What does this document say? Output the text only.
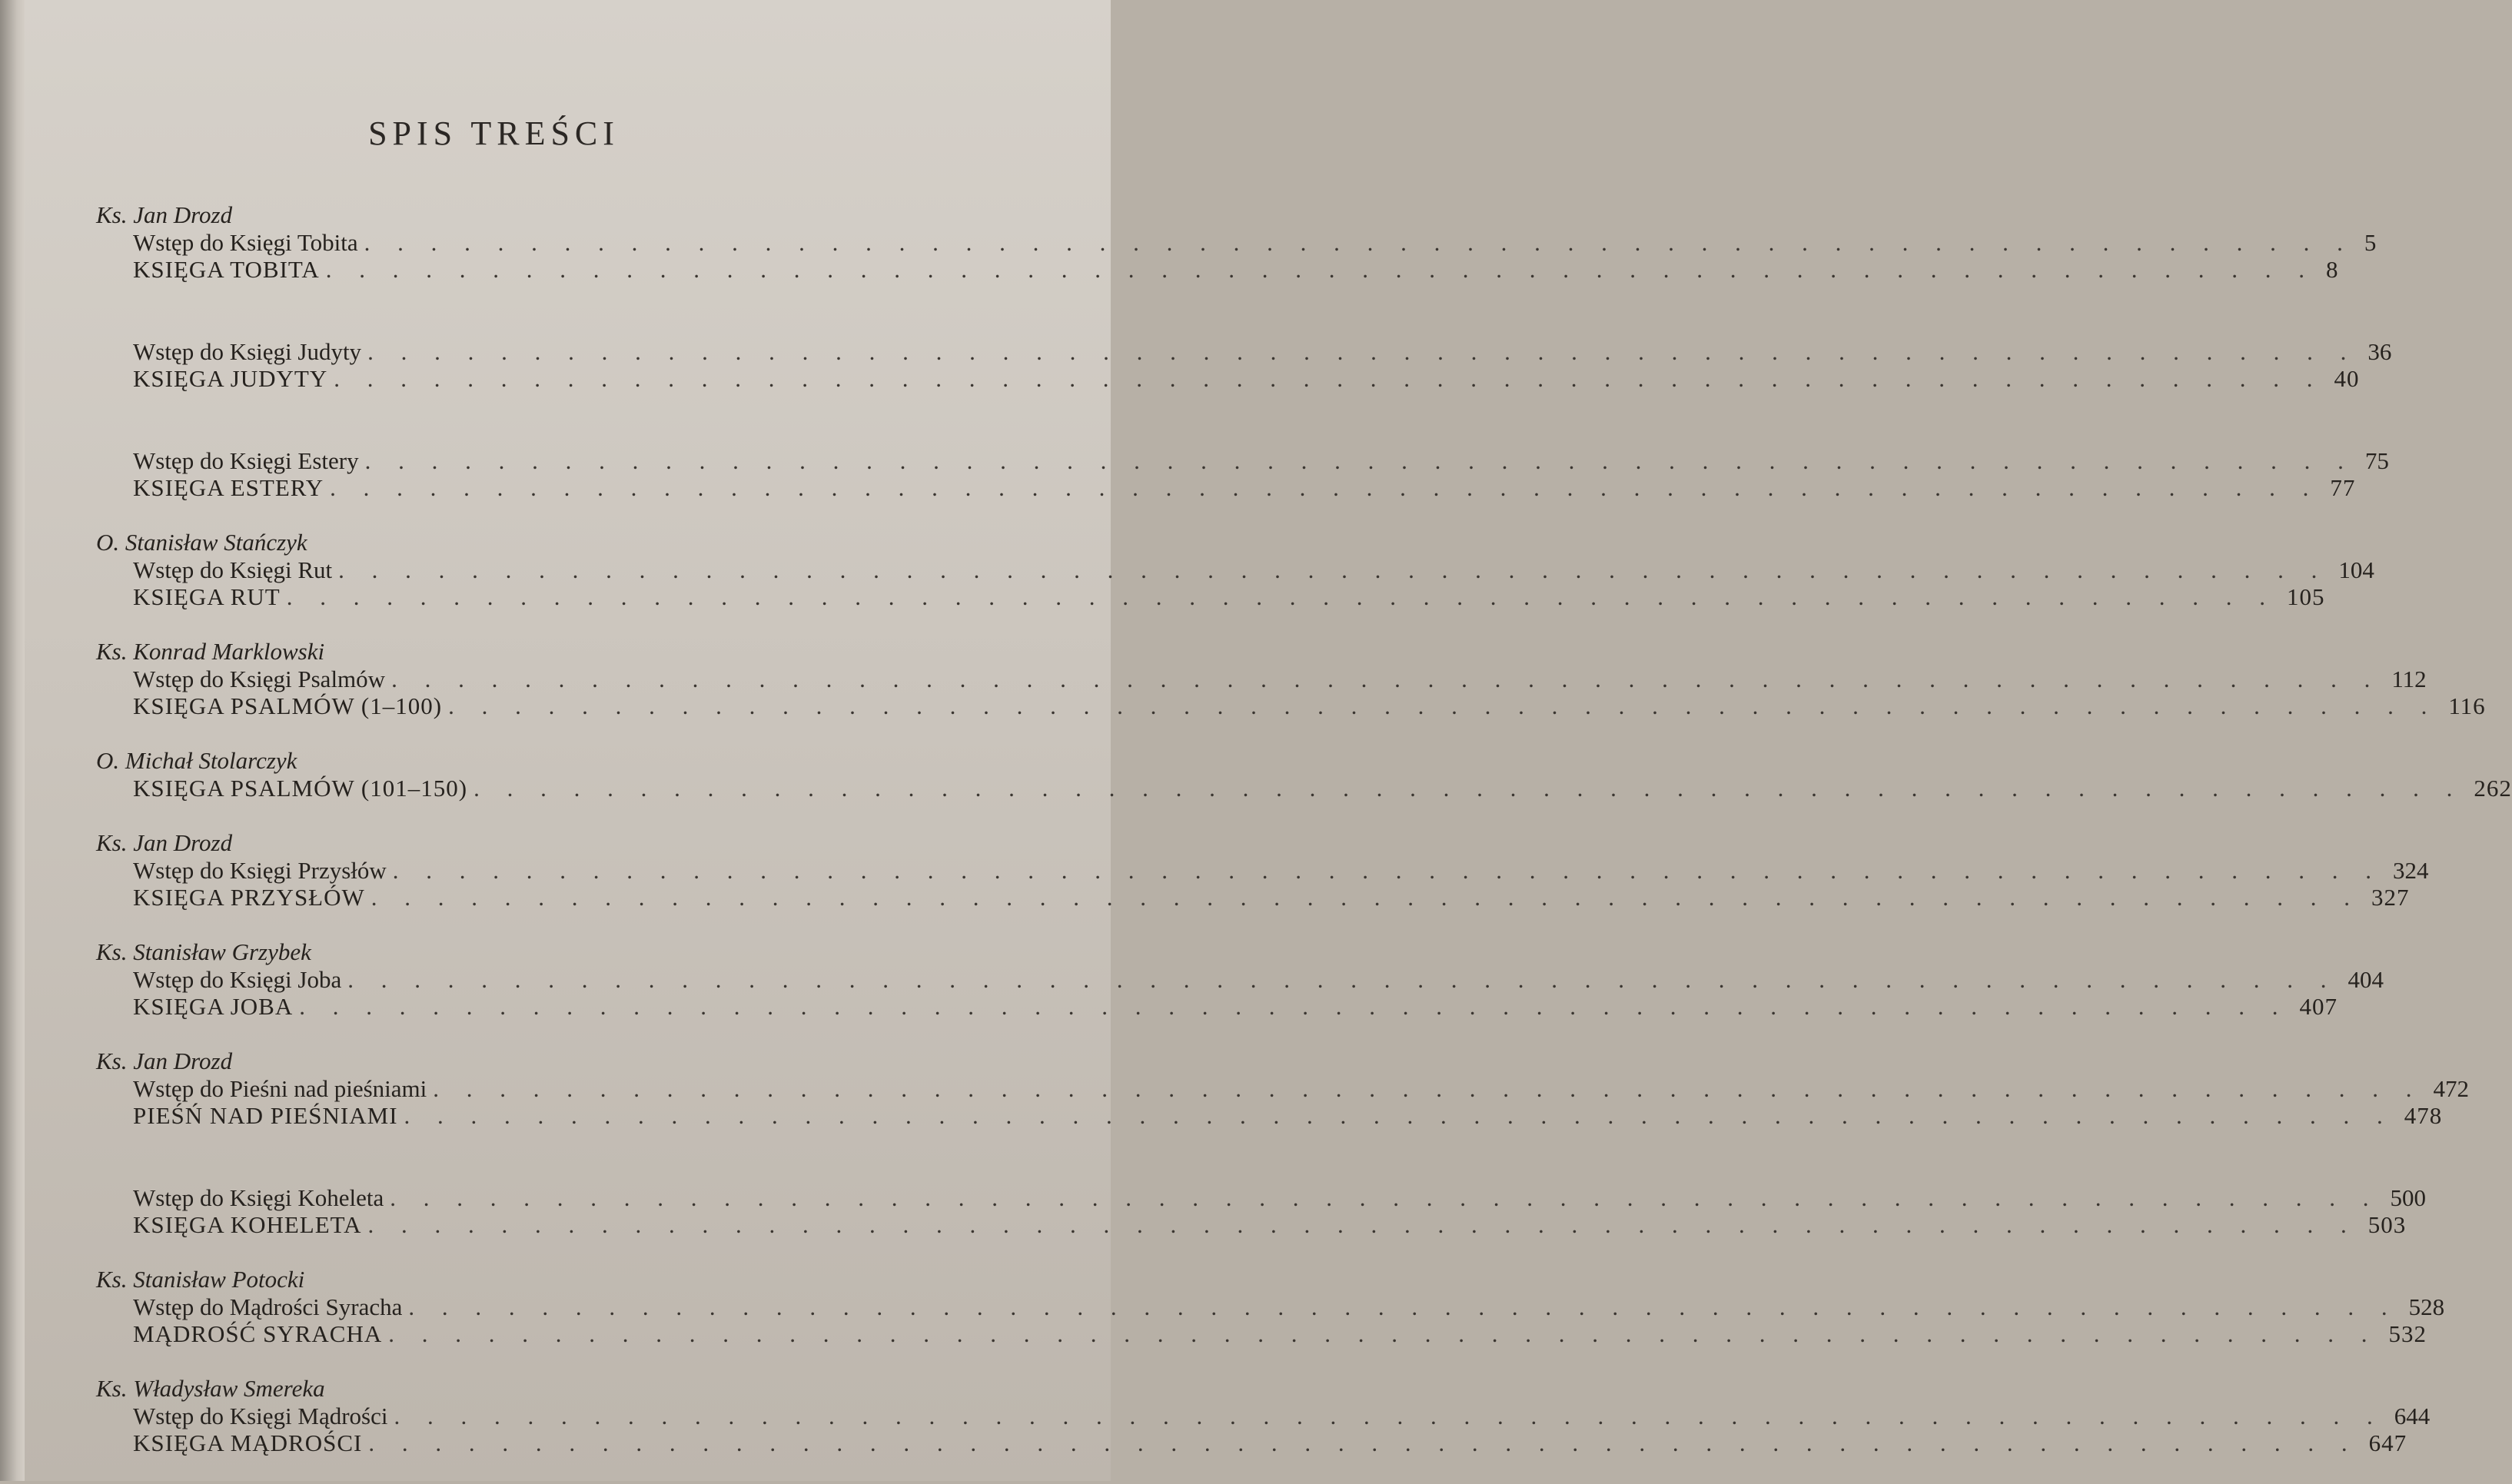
SPIS TREŚCI
Ks. Jan Drozd
Wstęp do Księgi Tobita . . . . . . . . . . . . . . . . . . . . . . . . . . . . . . . . . . . . . . . . . . . . . . . . . . . . . . . . . . . . 5
KSIĘGA TOBITA . . . . . . . . . . . . . . . . . . . . . . . . . . . . . . . . . . . . . . . . . . . . . . . . . . . . . . . . . . . . 8
Wstęp do Księgi Judyty . . . . . . . . . . . . . . . . . . . . . . . . . . . . . . . . . . . . . . . . . . . . . . . . . . . . . . . . . . . . 36
KSIĘGA JUDYTY . . . . . . . . . . . . . . . . . . . . . . . . . . . . . . . . . . . . . . . . . . . . . . . . . . . . . . . . . . . . 40
Wstęp do Księgi Estery . . . . . . . . . . . . . . . . . . . . . . . . . . . . . . . . . . . . . . . . . . . . . . . . . . . . . . . . . . . . 75
KSIĘGA ESTERY . . . . . . . . . . . . . . . . . . . . . . . . . . . . . . . . . . . . . . . . . . . . . . . . . . . . . . . . . . . . 77
O. Stanisław Stańczyk
Wstęp do Księgi Rut . . . . . . . . . . . . . . . . . . . . . . . . . . . . . . . . . . . . . . . . . . . . . . . . . . . . . . . . . . . . 104
KSIĘGA RUT . . . . . . . . . . . . . . . . . . . . . . . . . . . . . . . . . . . . . . . . . . . . . . . . . . . . . . . . . . . . 105
Ks. Konrad Marklowski
Wstęp do Księgi Psalmów . . . . . . . . . . . . . . . . . . . . . . . . . . . . . . . . . . . . . . . . . . . . . . . . . . . . . . . . . . . . 112
KSIĘGA PSALMÓW (1–100) . . . . . . . . . . . . . . . . . . . . . . . . . . . . . . . . . . . . . . . . . . . . . . . . . . . . . . . . . . . . 116
O. Michał Stolarczyk
KSIĘGA PSALMÓW (101–150) . . . . . . . . . . . . . . . . . . . . . . . . . . . . . . . . . . . . . . . . . . . . . . . . . . . . . . . . . . . . 262
Ks. Jan Drozd
Wstęp do Księgi Przysłów . . . . . . . . . . . . . . . . . . . . . . . . . . . . . . . . . . . . . . . . . . . . . . . . . . . . . . . . . . . . 324
KSIĘGA PRZYSŁÓW . . . . . . . . . . . . . . . . . . . . . . . . . . . . . . . . . . . . . . . . . . . . . . . . . . . . . . . . . . . . 327
Ks. Stanisław Grzybek
Wstęp do Księgi Joba . . . . . . . . . . . . . . . . . . . . . . . . . . . . . . . . . . . . . . . . . . . . . . . . . . . . . . . . . . . . 404
KSIĘGA JOBA . . . . . . . . . . . . . . . . . . . . . . . . . . . . . . . . . . . . . . . . . . . . . . . . . . . . . . . . . . . . 407
Ks. Jan Drozd
Wstęp do Pieśni nad pieśniami . . . . . . . . . . . . . . . . . . . . . . . . . . . . . . . . . . . . . . . . . . . . . . . . . . . . . . . . . . . . 472
PIEŚŃ NAD PIEŚNIAMI . . . . . . . . . . . . . . . . . . . . . . . . . . . . . . . . . . . . . . . . . . . . . . . . . . . . . . . . . . . . 478
Wstęp do Księgi Koheleta . . . . . . . . . . . . . . . . . . . . . . . . . . . . . . . . . . . . . . . . . . . . . . . . . . . . . . . . . . . . 500
KSIĘGA KOHELETA . . . . . . . . . . . . . . . . . . . . . . . . . . . . . . . . . . . . . . . . . . . . . . . . . . . . . . . . . . . . 503
Ks. Stanisław Potocki
Wstęp do Mądrości Syracha . . . . . . . . . . . . . . . . . . . . . . . . . . . . . . . . . . . . . . . . . . . . . . . . . . . . . . . . . . . . 528
MĄDROŚĆ SYRACHA . . . . . . . . . . . . . . . . . . . . . . . . . . . . . . . . . . . . . . . . . . . . . . . . . . . . . . . . . . . . 532
Ks. Władysław Smereka
Wstęp do Księgi Mądrości . . . . . . . . . . . . . . . . . . . . . . . . . . . . . . . . . . . . . . . . . . . . . . . . . . . . . . . . . . . . 644
KSIĘGA MĄDROŚCI . . . . . . . . . . . . . . . . . . . . . . . . . . . . . . . . . . . . . . . . . . . . . . . . . . . . . . . . . . . . 647
